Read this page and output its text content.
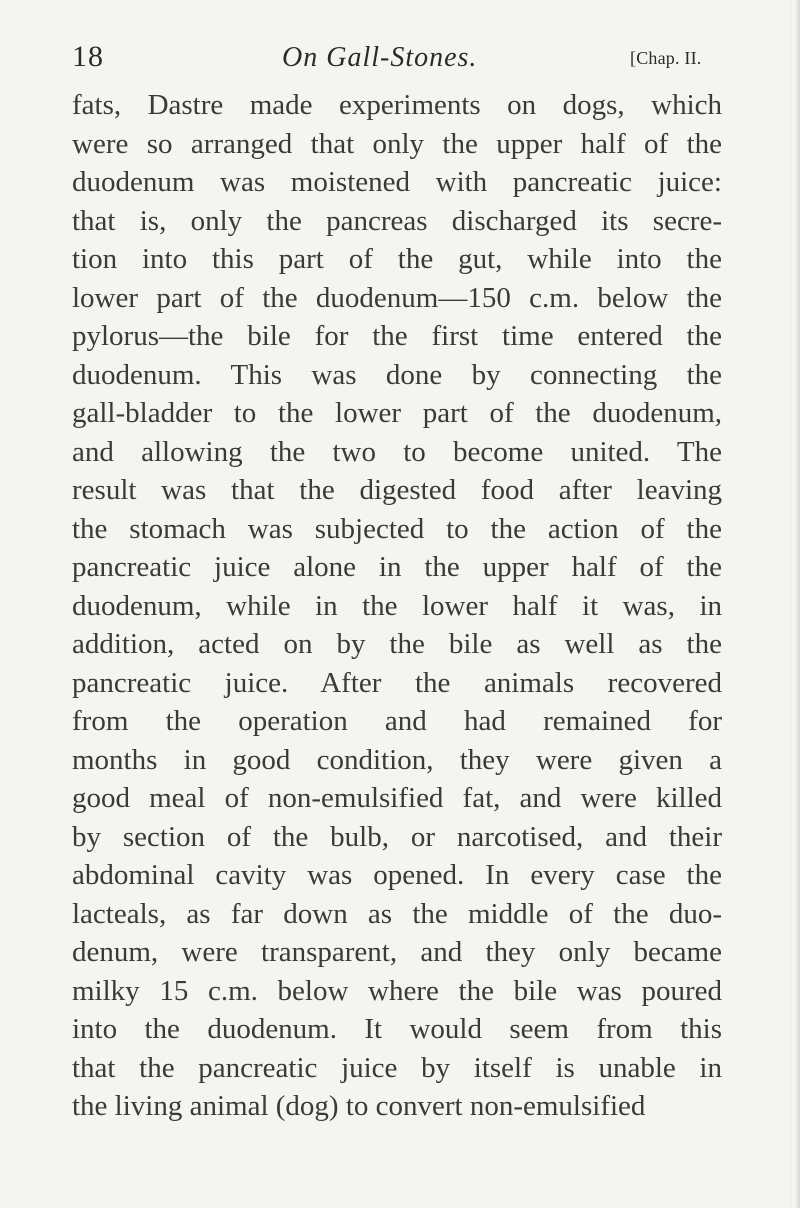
18	On Gall-Stones.	[Chap. II.
fats, Dastre made experiments on dogs, which
were so arranged that only the upper half of the
duodenum was moistened with pancreatic juice:
that is, only the pancreas discharged its secre-
tion into this part of the gut, while into the
lower part of the duodenum—150 c.m. below the
pylorus—the bile for the first time entered the
duodenum. This was done by connecting the
gall-bladder to the lower part of the duodenum,
and allowing the two to become united. The
result was that the digested food after leaving
the stomach was subjected to the action of the
pancreatic juice alone in the upper half of the
duodenum, while in the lower half it was, in
addition, acted on by the bile as well as the
pancreatic juice. After the animals recovered
from the operation and had remained for
months in good condition, they were given a
good meal of non-emulsified fat, and were killed
by section of the bulb, or narcotised, and their
abdominal cavity was opened. In every case the
lacteals, as far down as the middle of the duo-
denum, were transparent, and they only became
milky 15 c.m. below where the bile was poured
into the duodenum. It would seem from this
that the pancreatic juice by itself is unable in
the living animal (dog) to convert non-emulsified
